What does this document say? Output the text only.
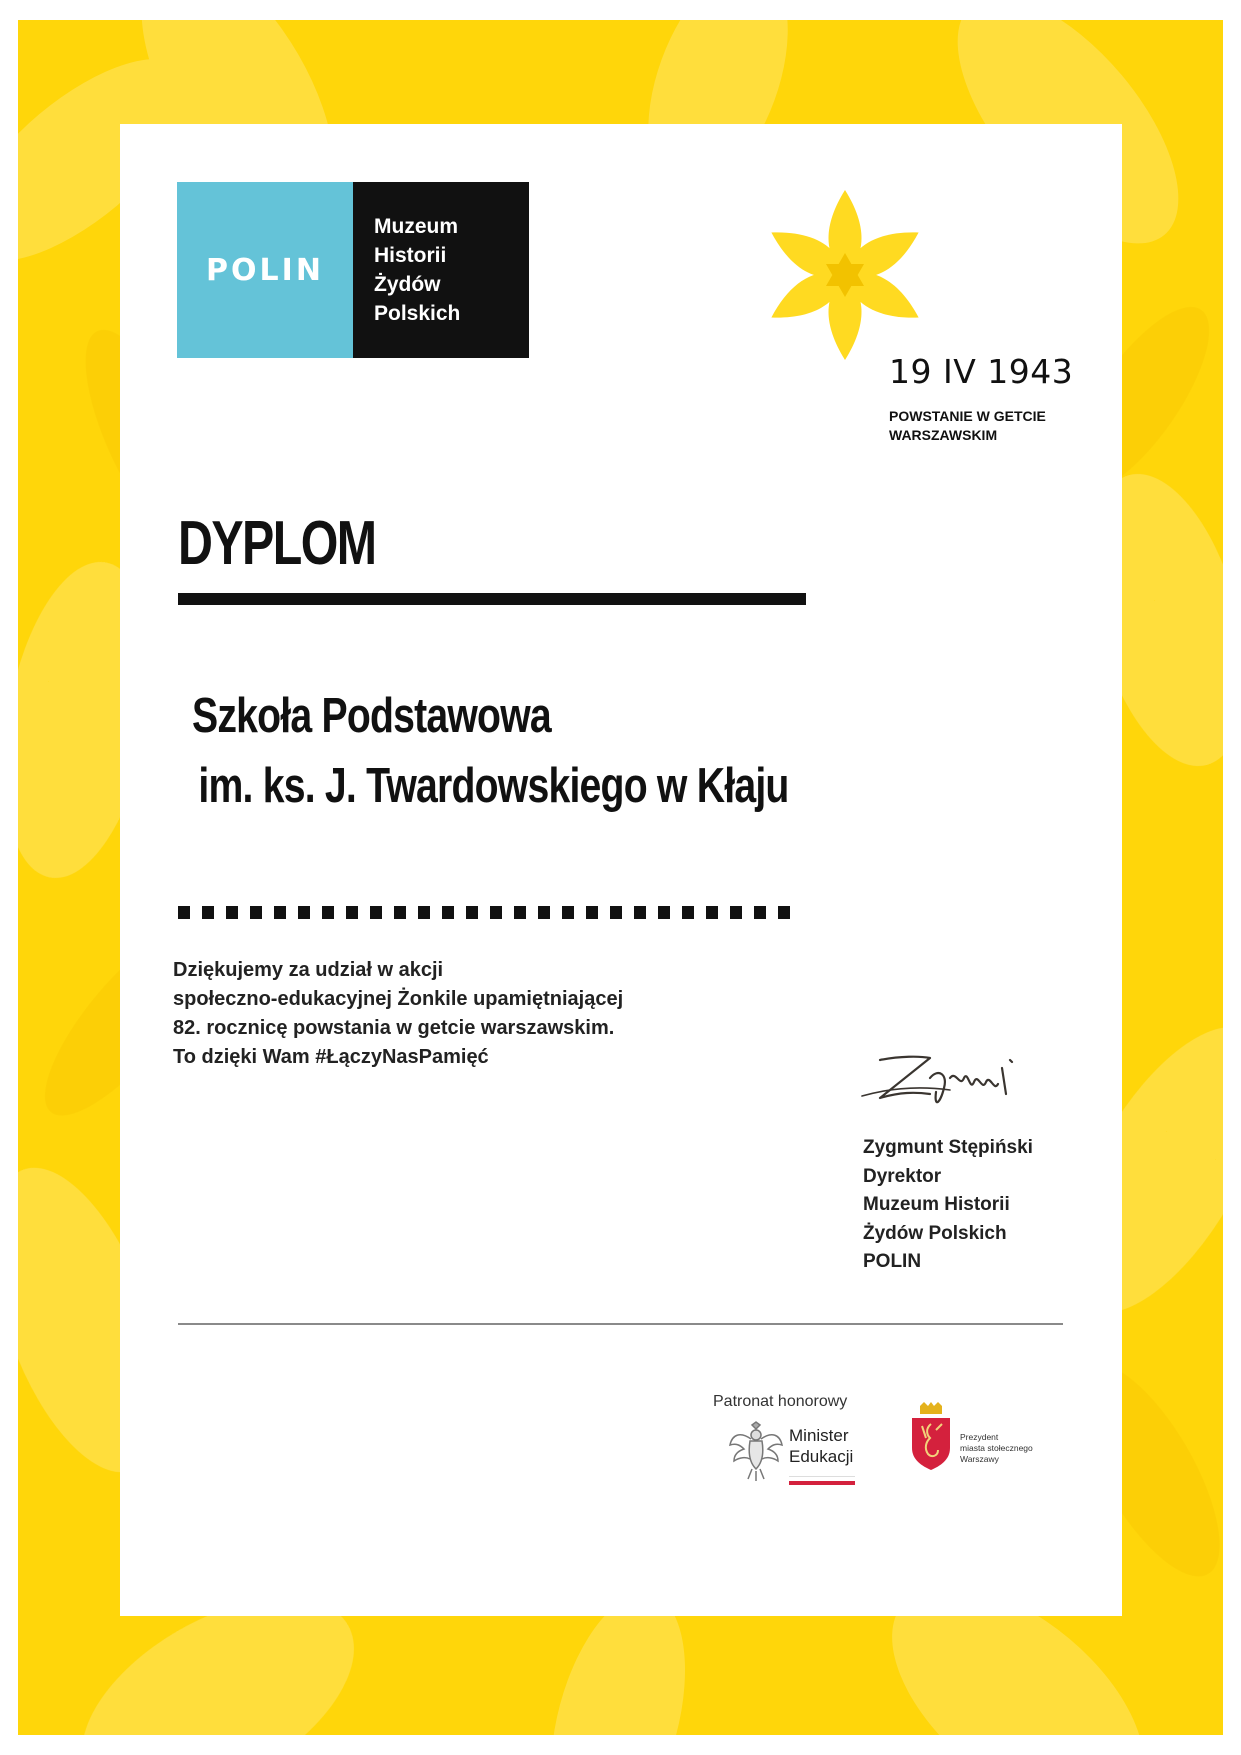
POLIN
Muzeum
Historii
Żydów
Polskich
19 IV 1943
POWSTANIE W GETCIE
WARSZAWSKIM
DYPLOM
Szkoła Podstawowa
im. ks. J. Twardowskiego w Kłaju
Dziękujemy za udział w akcji
społeczno-edukacyjnej Żonkile upamiętniającej
82. rocznicę powstania w getcie warszawskim.
To dzięki Wam #ŁączyNasPamięć
Zygmunt Stępiński
Dyrektor
Muzeum Historii
Żydów Polskich
POLIN
Patronat honorowy
Minister
Edukacji
Prezydent
miasta stołecznego
Warszawy
